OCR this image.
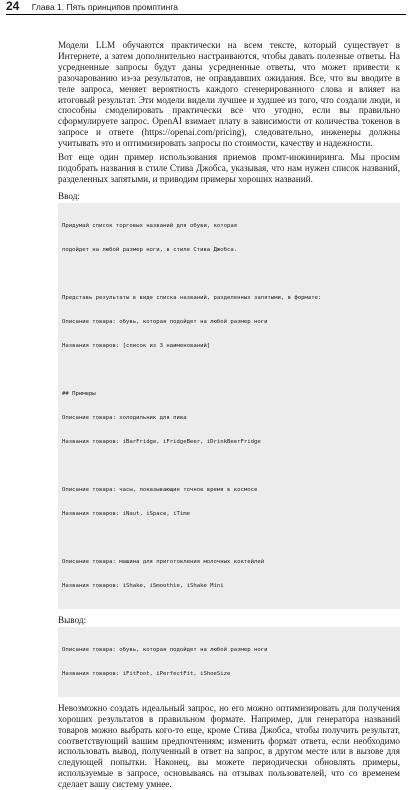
24 Глава 1. Пять принципов промптинга

Модели LLM обучаются практически на всем тексте, который существует в Интернете, а затем дополнительно настраиваются, чтобы давать полезные ответы. На усредненные запросы будут даны усредненные ответы, что может привести к разочарованию из-за результатов, не оправдавших ожидания. Все, что вы вводите в теле запроса, меняет вероятность каждого сгенерированного слова и влияет на итоговый результат. Эти модели видели лучшее и худшее из того, что создали люди, и способны смоделировать практически все что угодно, если вы правильно сформулируете запрос. OpenAI взимает плату в зависимости от количества токенов в запросе и ответе (https://openai.com/pricing), следовательно, инженеры должны учитывать это и оптимизировать запросы по стоимости, качеству и надежности.

Вот еще один пример использования приемов промт-инжиниринга. Мы просим подобрать названия в стиле Стива Джобса, указывая, что нам нужен список названий, разделенных запятыми, и приводим примеры хороших названий.

Ввод:

Придумай список торговых названий для обуви, которая

подойдет на любой размер ноги, в стиле Стива Джобса.

Представь результаты в виде списка названий, разделенных запятыми, в формате:

Описание товара: обувь, которая подойдет на любой размер ноги

Названия товаров: [список из 3 наименований]

## Примеры

Описание товара: холодильник для пива

Названия товаров: iBarFridge, iFridgeBeer, iDrinkBeerFridge

Описание товара: часы, показывающие точное время в космосе

Названия товаров: iNaut, iSpace, iTime

Описание товара: машина для приготовления молочных коктейлей

Названия товаров: iShake, iSmoothie, iShake Mini

Вывод:

Описание товара: обувь, которая подойдет на любой размер ноги

Названия товаров: iFitFoot, iPerfectFit, iShoeSize

Невозможно создать идеальный запрос, но его можно оптимизировать для получения хороших результатов в правильном формате. Например, для генератора названий товаров можно выбрать кого-то еще, кроме Стива Джобса, чтобы получить результат, соответствующий вашим предпочтениям; изменить формат ответа, если необходимо использовать вывод, полученный в ответ на запрос, в другом месте или в вызове для следующей попытки. Наконец, вы можете периодически обновлять примеры, используемые в запросе, основываясь на отзывах пользователей, что со временем сделает вашу систему умнее.
